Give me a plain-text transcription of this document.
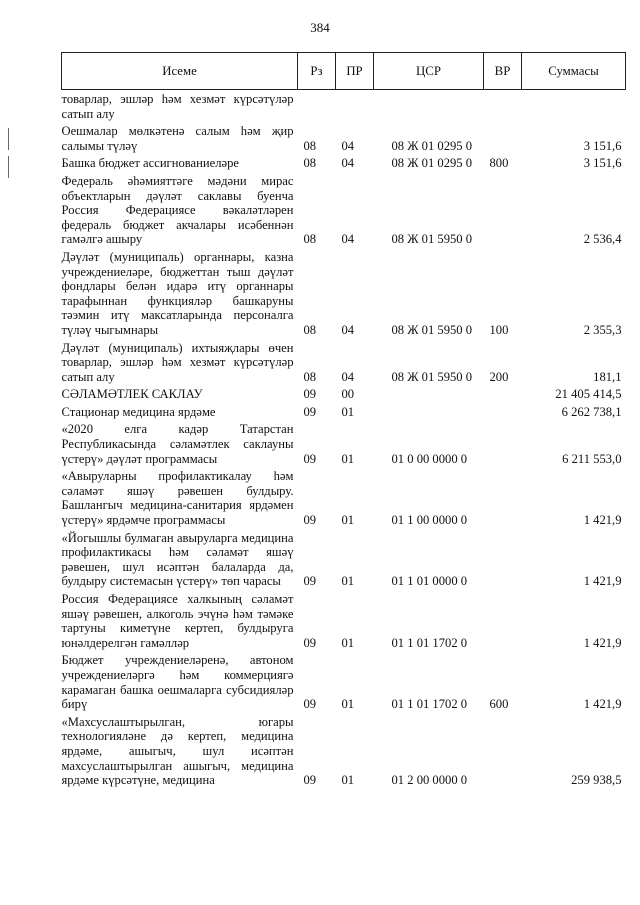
384
Исеме	Рз	ПР	ЦСР	ВР	Суммасы
товарлар, эшләр һәм хезмәт күрсәтүләр сатып алу					
Оешмалар мөлкәтенә салым һәм җир салымы түләү	08	04	08 Ж 01 0295 0		3 151,6
Башка бюджет ассигнованиеләре	08	04	08 Ж 01 0295 0	800	3 151,6
Федераль әһәмияттәге мәдәни мирас объектларын дәүләт саклавы буенча Россия Федерациясе вәкаләтләрен федераль бюджет акчалары исәбеннән гамәлгә ашыру	08	04	08 Ж 01 5950 0		2 536,4
Дәүләт (муниципаль) органнары, казна учреждениеләре, бюджеттан тыш дәүләт фондлары белән идарә итү органнары тарафыннан функцияләр башкаруны тәэмин итү максатларында персоналга түләү чыгымнары	08	04	08 Ж 01 5950 0	100	2 355,3
Дәүләт (муниципаль) ихтыяҗлары өчен товарлар, эшләр һәм хезмәт күрсәтүләр сатып алу	08	04	08 Ж 01 5950 0	200	181,1
СӘЛАМӘТЛЕК САКЛАУ	09	00			21 405 414,5
Стационар медицина ярдәме	09	01			6 262 738,1
«2020 елга кадәр Татарстан Республикасында сәламәтлек саклауны үстерү» дәүләт программасы	09	01	01 0 00 0000 0		6 211 553,0
«Авыруларны профилактикалау һәм сәламәт яшәү рәвешен булдыру. Башлангыч медицина-санитария ярдәмен үстерү» ярдәмче программасы	09	01	01 1 00 0000 0		1 421,9
«Йогышлы булмаган авыруларга медицина профилактикасы һәм сәламәт яшәү рәвешен, шул исәптән балаларда да, булдыру системасын үстерү» төп чарасы	09	01	01 1 01 0000 0		1 421,9
Россия Федерациясе халкының сәламәт яшәү рәвешен, алкоголь эчүнә һәм тәмәке тартуны киметүне кертеп, булдыруга юнәлдерелгән гамәлләр	09	01	01 1 01 1702 0		1 421,9
Бюджет учреждениеләренә, автоном учреждениеләргә һәм коммерциягә карамаган башка оешмаларга субсидияләр бирү	09	01	01 1 01 1702 0	600	1 421,9
«Махсуслаштырылган, югары технологияләне дә кертеп, медицина ярдәме, ашыгыч, шул исәптән махсуслаштырылган ашыгыч, медицина ярдәме күрсәтүне, медицина	09	01	01 2 00 0000 0		259 938,5
